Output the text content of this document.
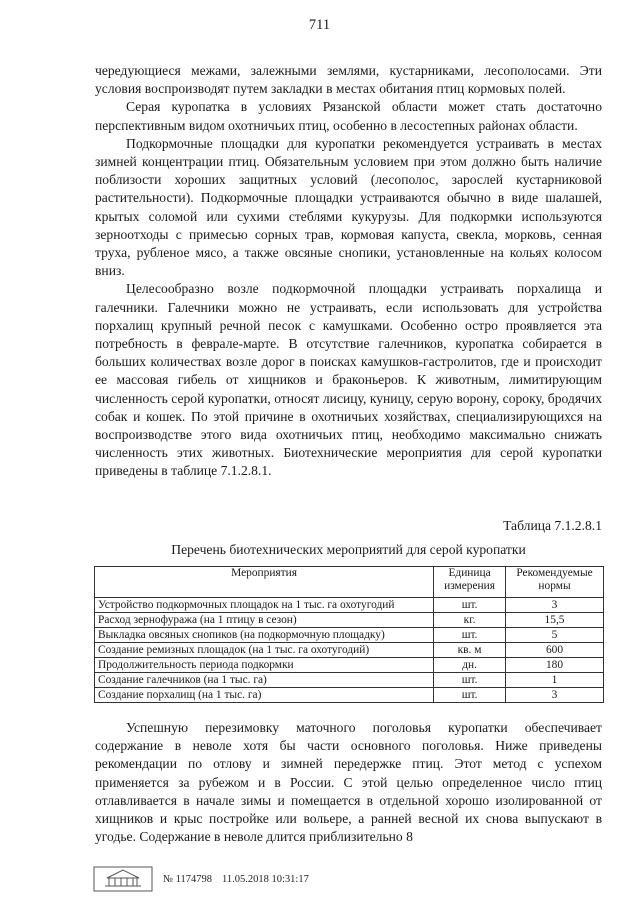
711

чередующиеся межами, залежными землями, кустарниками, лесополосами. Эти условия воспроизводят путем закладки в местах обитания птиц кормовых полей.

Серая куропатка в условиях Рязанской области может стать достаточно перспективным видом охотничьих птиц, особенно в лесостепных районах области.

Подкормочные площадки для куропатки рекомендуется устраивать в местах зимней концентрации птиц. Обязательным условием при этом должно быть наличие поблизости хороших защитных условий (лесополос, зарослей кустарниковой растительности). Подкормочные площадки устраиваются обычно в виде шалашей, крытых соломой или сухими стеблями кукурузы. Для подкормки используются зерноотходы с примесью сорных трав, кормовая капуста, свекла, морковь, сенная труха, рубленое мясо, а также овсяные снопики, установленные на кольях колосом вниз.

Целесообразно возле подкормочной площадки устраивать порхалища и галечники. Галечники можно не устраивать, если использовать для устройства порхалищ крупный речной песок с камушками. Особенно остро проявляется эта потребность в феврале-марте. В отсутствие галечников, куропатка собирается в больших количествах возле дорог в поисках камушков-гастролитов, где и происходит ее массовая гибель от хищников и браконьеров. К животным, лимитирующим численность серой куропатки, относят лисицу, куницу, серую ворону, сороку, бродячих собак и кошек. По этой причине в охотничьих хозяйствах, специализирующихся на воспроизводстве этого вида охотничьих птиц, необходимо максимально снижать численность этих животных. Биотехнические мероприятия для серой куропатки приведены в таблице 7.1.2.8.1.

Таблица 7.1.2.8.1
Перечень биотехнических мероприятий для серой куропатки
Мероприятия	Единица измерения	Рекомендуемые нормы
Устройство подкормочных площадок на 1 тыс. га охотугодий	шт.	3
Расход зернофуража (на 1 птицу в сезон)	кг.	15,5
Выкладка овсяных снопиков (на подкормочную площадку)	шт.	5
Создание ремизных площадок (на 1 тыс. га охотугодий)	кв. м	600
Продолжительность периода подкормки	дн.	180
Создание галечников (на 1 тыс. га)	шт.	1
Создание порхалищ (на 1 тыс. га)	шт.	3

Успешную перезимовку маточного поголовья куропатки обеспечивает содержание в неволе хотя бы части основного поголовья. Ниже приведены рекомендации по отлову и зимней передержке птиц. Этот метод с успехом применяется за рубежом и в России. С этой целью определенное число птиц отлавливается в начале зимы и помещается в отдельной хорошо изолированной от хищников и крыс постройке или вольере, а ранней весной их снова выпускают в угодье. Содержание в неволе длится приблизительно 8

№ 1174798 11.05.2018 10:31:17
